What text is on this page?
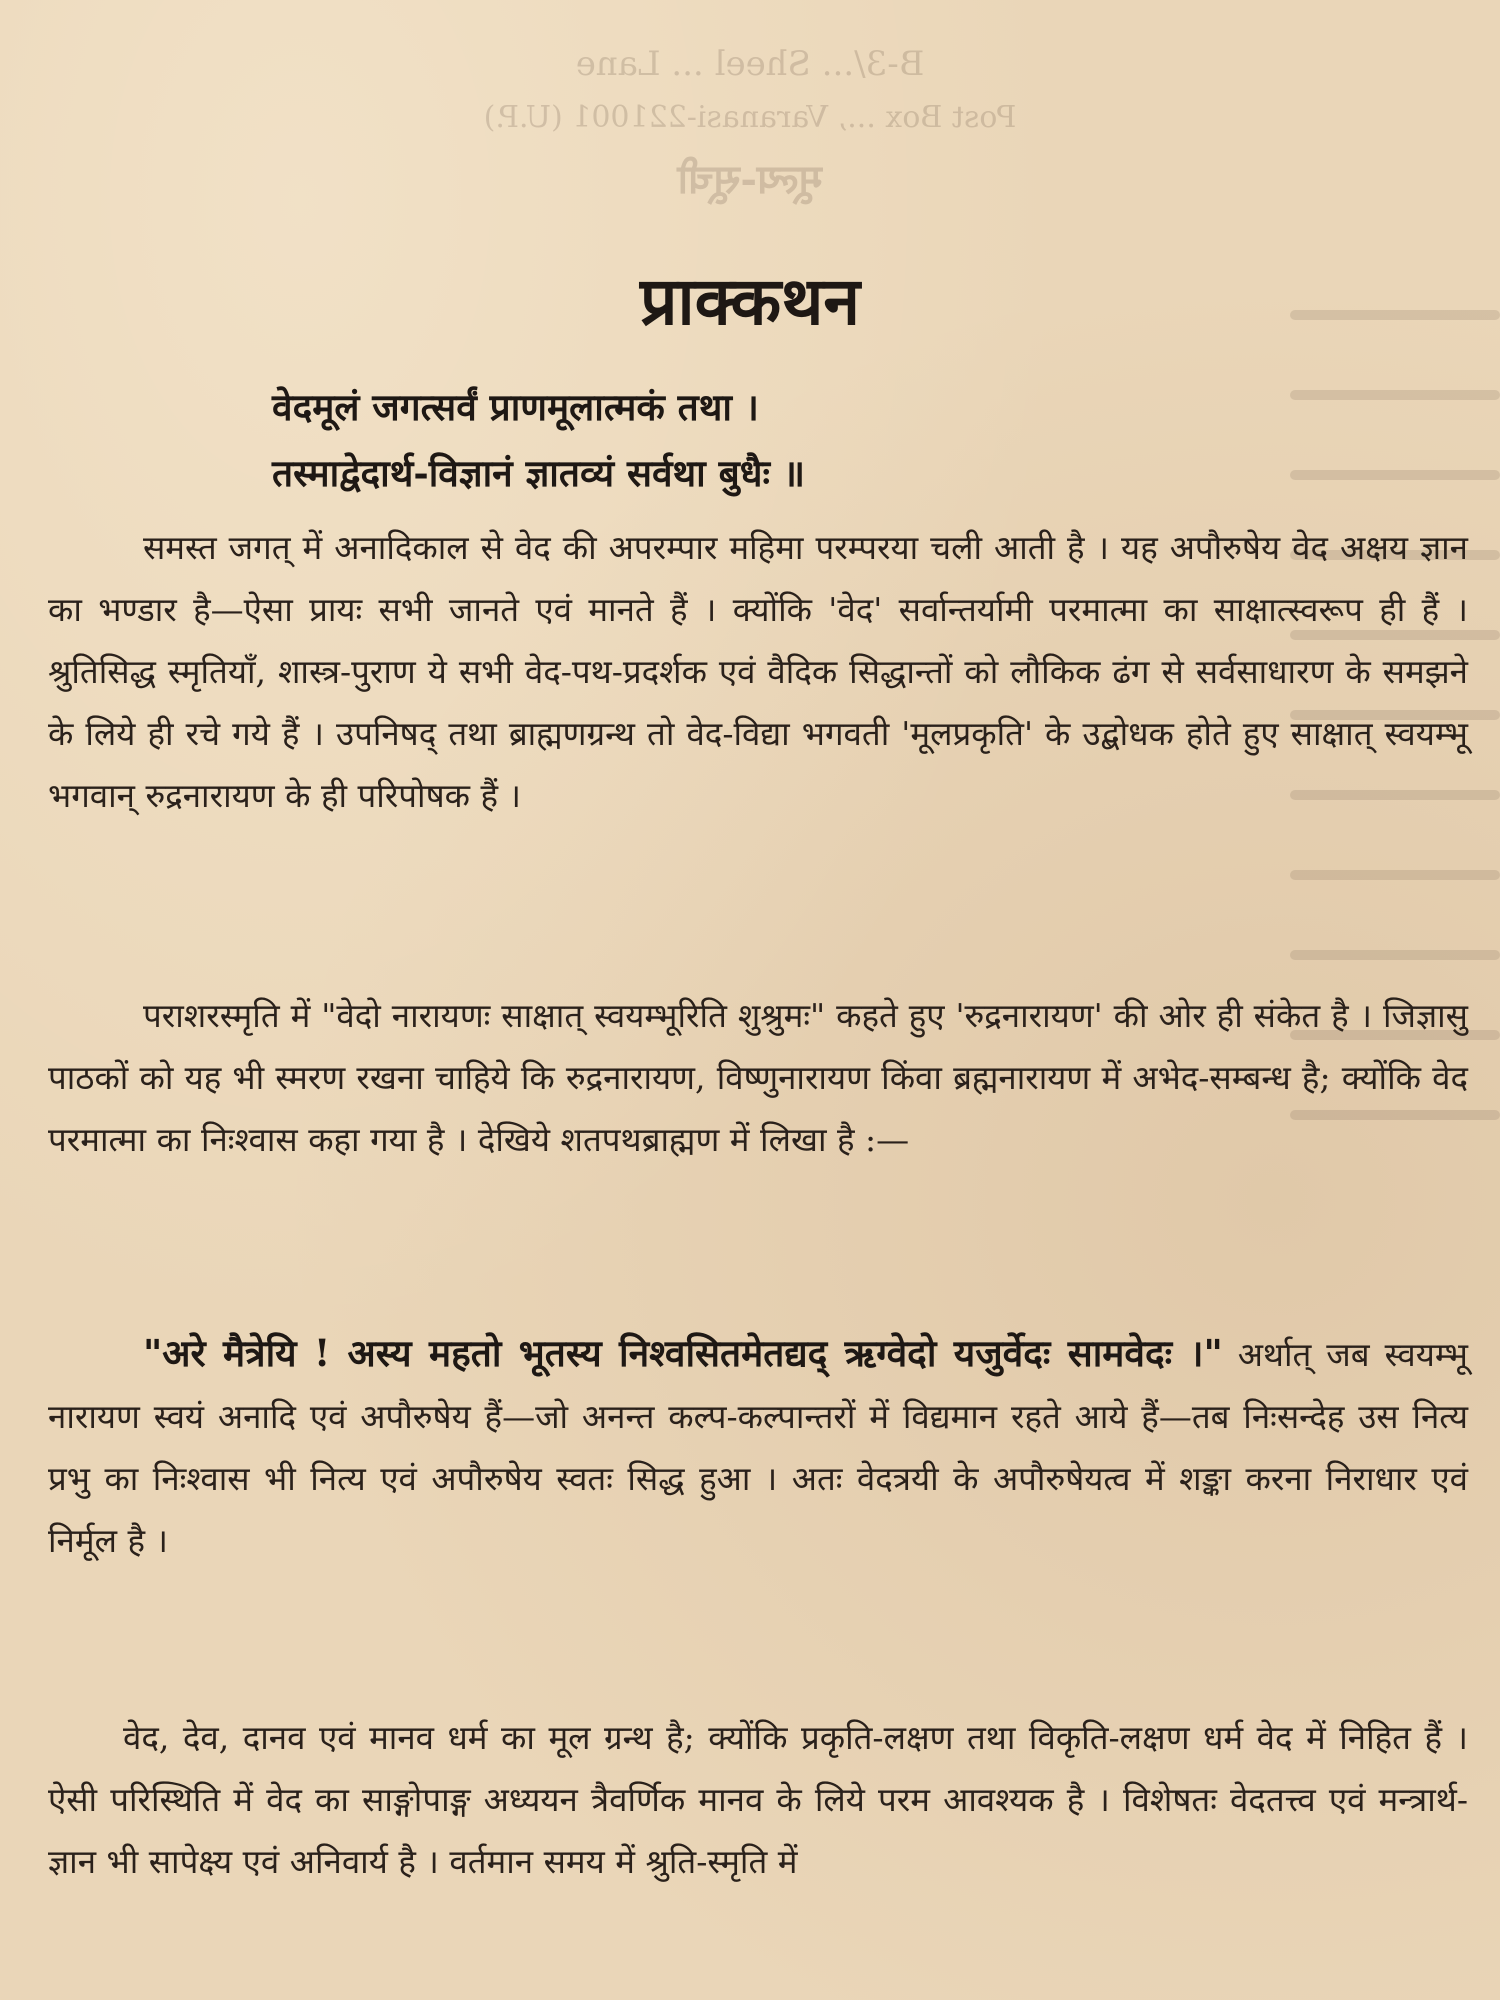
B-3/... Sheel ... Lane
Post Box ..., Varanasi-221001 (U.P.)
मूल्य-सूची
प्राक्कथन
वेदमूलं जगत्सर्वं प्राणमूलात्मकं तथा ।
तस्माद्वेदार्थ-विज्ञानं ज्ञातव्यं सर्वथा बुधैः ॥

समस्त जगत् में अनादिकाल से वेद की अपरम्पार महिमा परम्परया चली आती है । यह अपौरुषेय वेद अक्षय ज्ञान का भण्डार है—ऐसा प्रायः सभी जानते एवं मानते हैं । क्योंकि 'वेद' सर्वान्तर्यामी परमात्मा का साक्षात्स्वरूप ही हैं । श्रुतिसिद्ध स्मृतियाँ, शास्त्र-पुराण ये सभी वेद-पथ-प्रदर्शक एवं वैदिक सिद्धान्तों को लौकिक ढंग से सर्वसाधारण के समझने के लिये ही रचे गये हैं । उपनिषद् तथा ब्राह्मणग्रन्थ तो वेद-विद्या भगवती 'मूलप्रकृति' के उद्बोधक होते हुए साक्षात् स्वयम्भू भगवान् रुद्रनारायण के ही परिपोषक हैं ।

पराशरस्मृति में "वेदो नारायणः साक्षात् स्वयम्भूरिति शुश्रुमः" कहते हुए 'रुद्रनारायण' की ओर ही संकेत है । जिज्ञासु पाठकों को यह भी स्मरण रखना चाहिये कि रुद्रनारायण, विष्णुनारायण किंवा ब्रह्मनारायण में अभेद-सम्बन्ध है; क्योंकि वेद परमात्मा का निःश्वास कहा गया है । देखिये शतपथब्राह्मण में लिखा है :—

"अरे मैत्रेयि ! अस्य महतो भूतस्य निश्वसितमेतद्यद् ऋग्वेदो यजुर्वेदः सामवेदः ।" अर्थात् जब स्वयम्भू नारायण स्वयं अनादि एवं अपौरुषेय हैं—जो अनन्त कल्प-कल्पान्तरों में विद्यमान रहते आये हैं—तब निःसन्देह उस नित्य प्रभु का निःश्वास भी नित्य एवं अपौरुषेय स्वतः सिद्ध हुआ । अतः वेदत्रयी के अपौरुषेयत्व में शङ्का करना निराधार एवं निर्मूल है ।

वेद, देव, दानव एवं मानव धर्म का मूल ग्रन्थ है; क्योंकि प्रकृति-लक्षण तथा विकृति-लक्षण धर्म वेद में निहित हैं । ऐसी परिस्थिति में वेद का साङ्गोपाङ्ग अध्ययन त्रैवर्णिक मानव के लिये परम आवश्यक है । विशेषतः वेदतत्त्व एवं मन्त्रार्थ-ज्ञान भी सापेक्ष्य एवं अनिवार्य है । वर्तमान समय में श्रुति-स्मृति में
